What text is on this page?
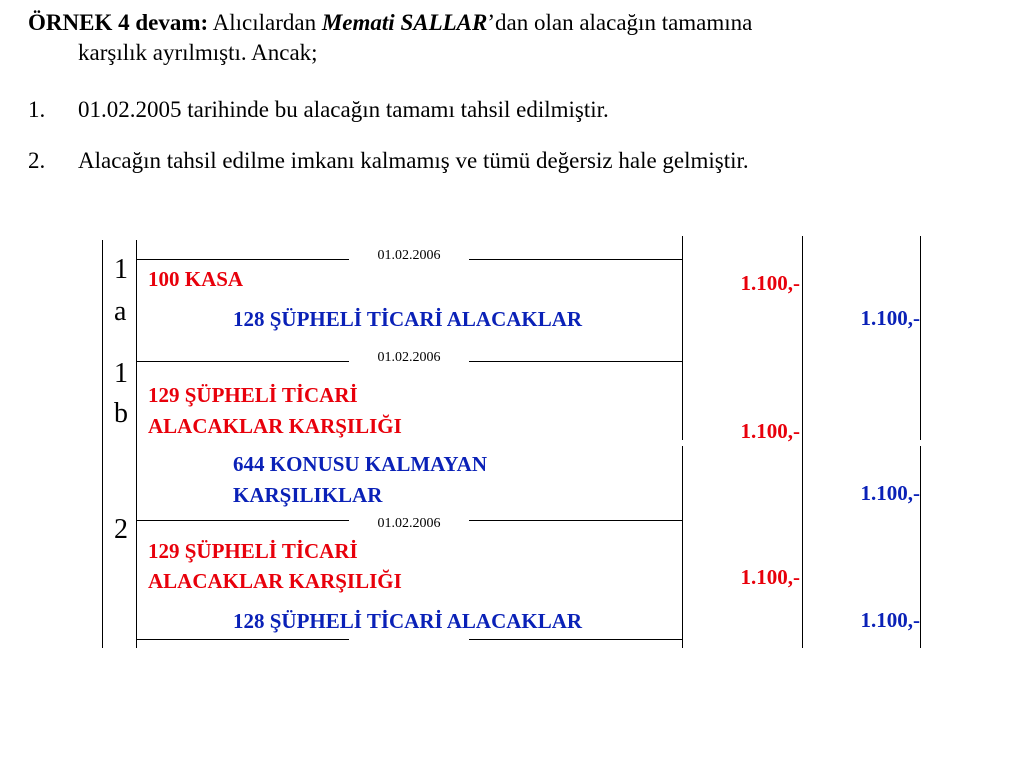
ÖRNEK 4 devam: Alıcılardan Memati SALLAR’dan olan alacağın tamamına
karşılık ayrılmıştı. Ancak;
1. 01.02.2005 tarihinde bu alacağın tamamı tahsil edilmiştir.
2. Alacağın tahsil edilme imkanı kalmamış ve tümü değersiz hale gelmiştir.
01.02.2006
1
a
100 KASA	1.100,-
128 ŞÜPHELİ TİCARİ ALACAKLAR	1.100,-
01.02.2006
1
b
129 ŞÜPHELİ TİCARİ
ALACAKLAR KARŞILIĞI	1.100,-
644 KONUSU KALMAYAN
KARŞILIKLAR	1.100,-
01.02.2006
2
129 ŞÜPHELİ TİCARİ
ALACAKLAR KARŞILIĞI	1.100,-
128 ŞÜPHELİ TİCARİ ALACAKLAR	1.100,-
